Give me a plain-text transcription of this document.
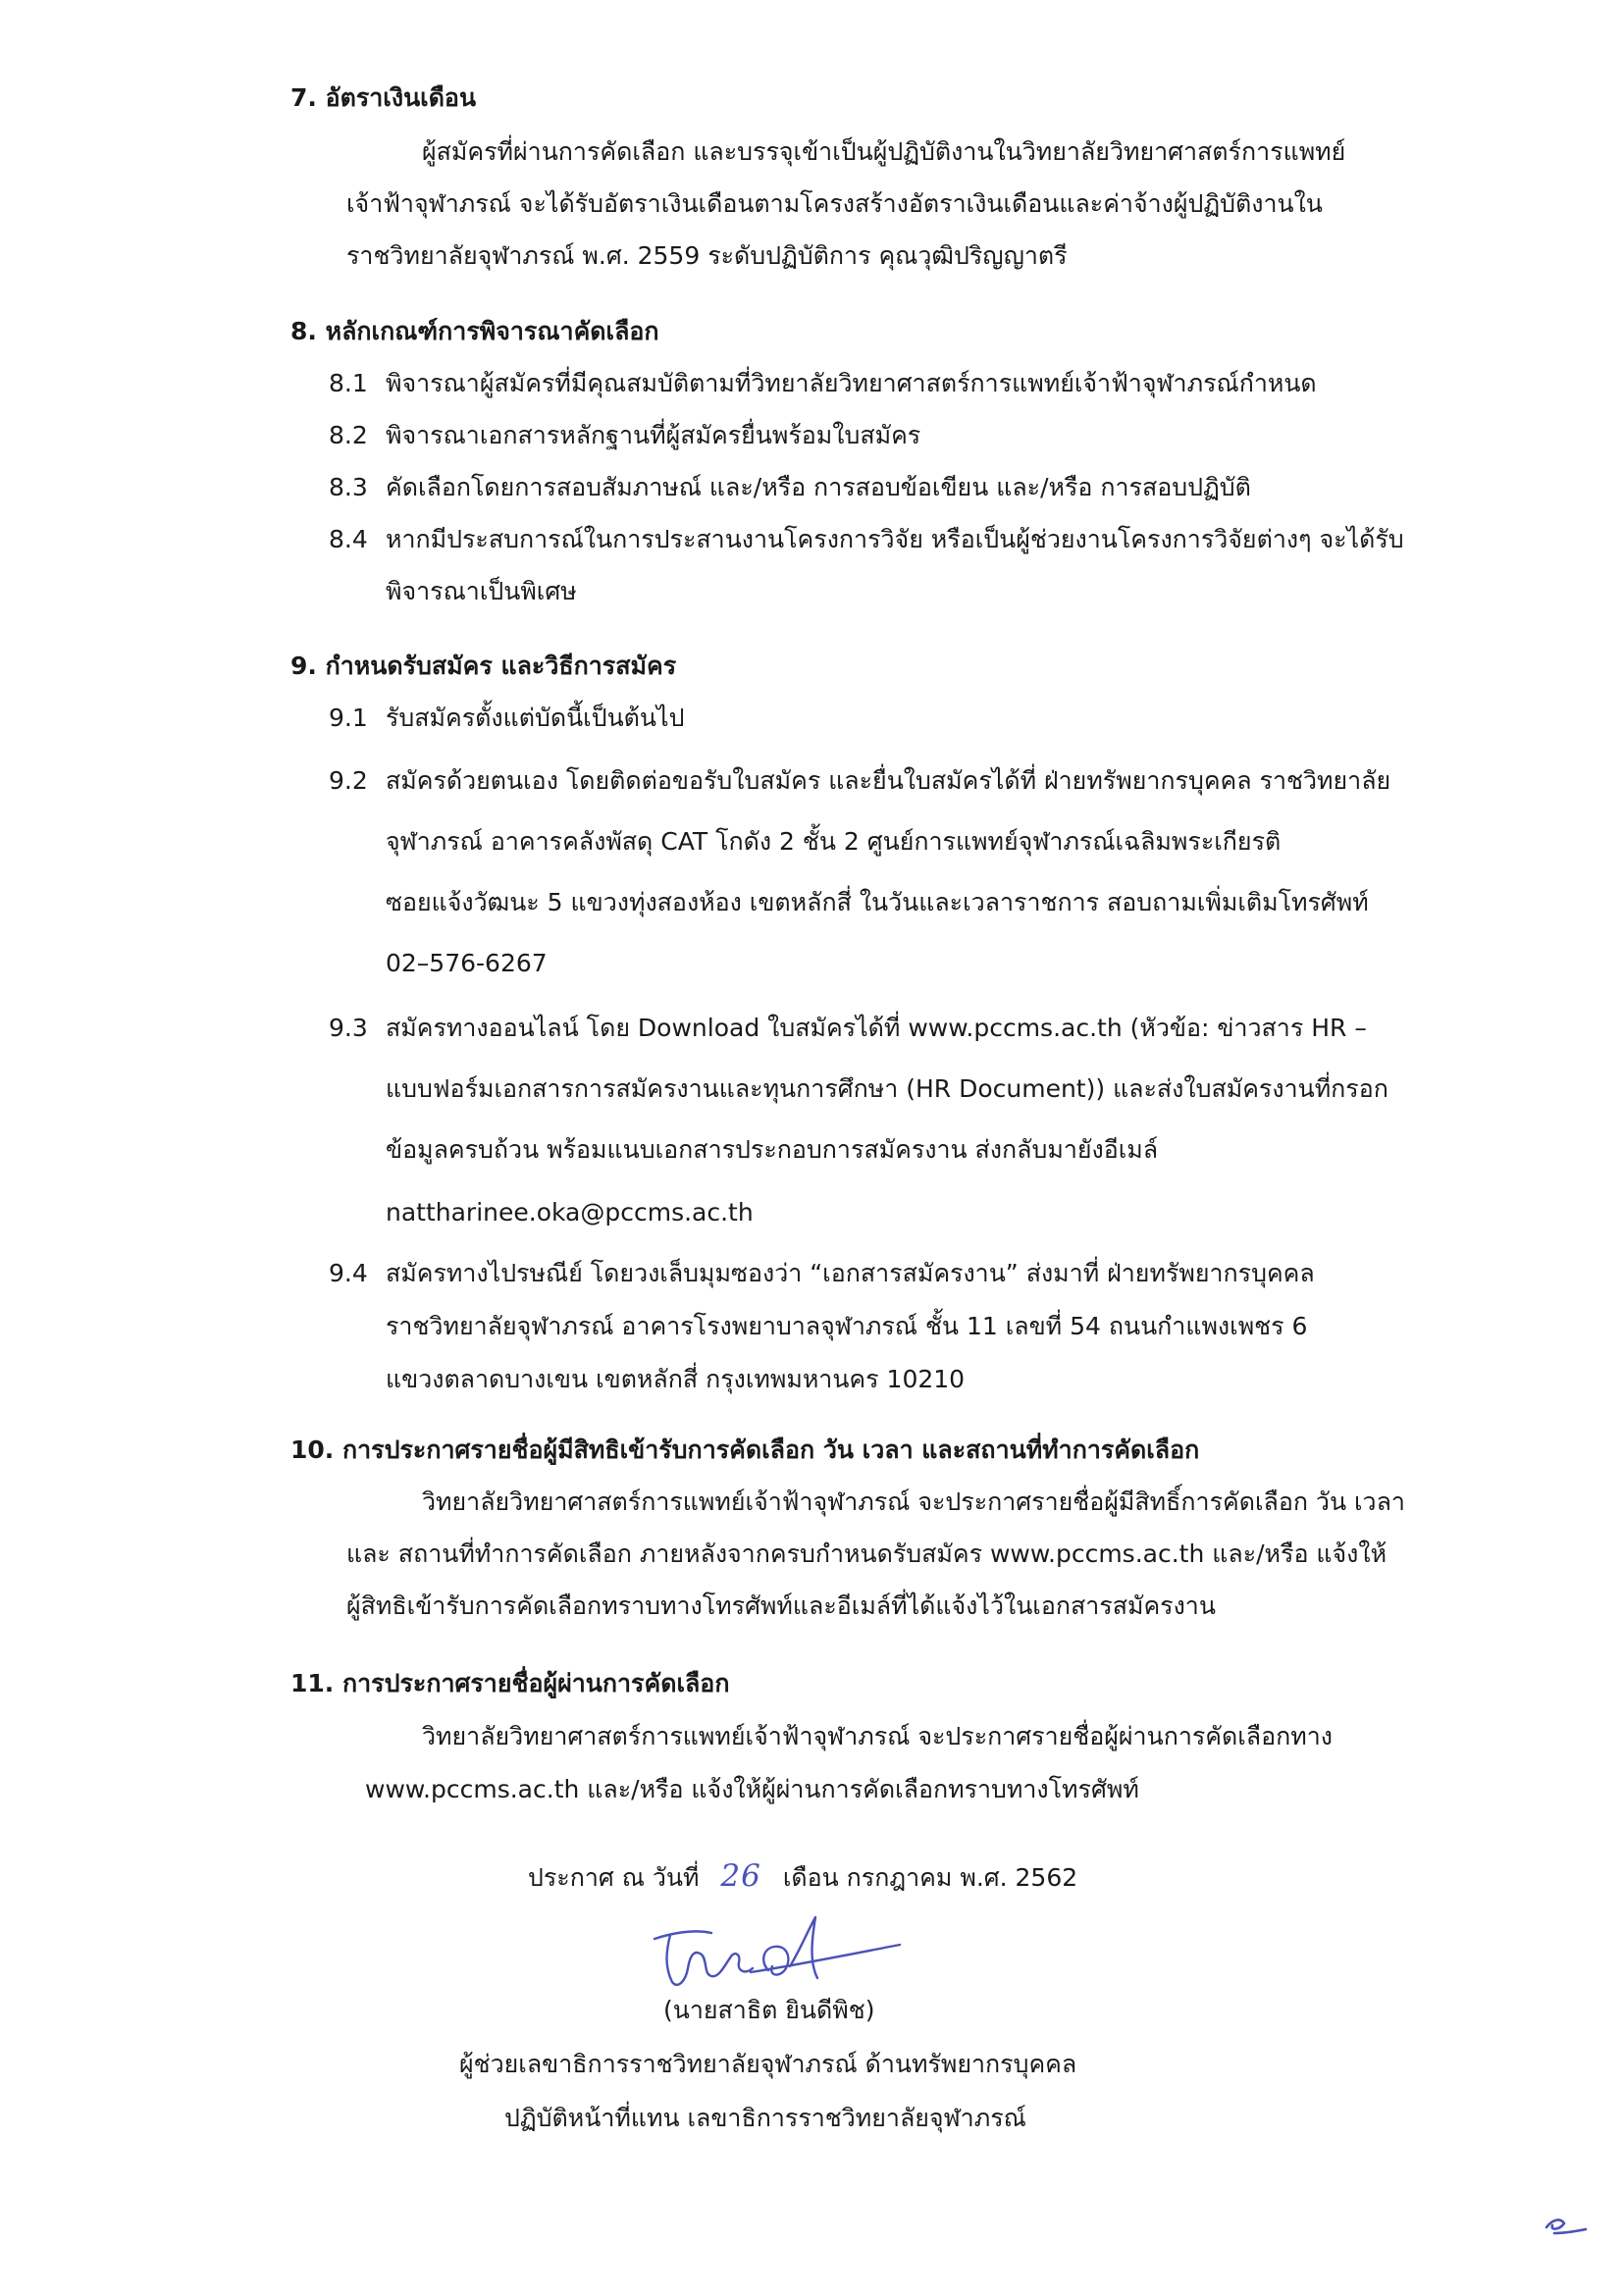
7. อัตราเงินเดือน
ผู้สมัครที่ผ่านการคัดเลือก และบรรจุเข้าเป็นผู้ปฏิบัติงานในวิทยาลัยวิทยาศาสตร์การแพทย์
เจ้าฟ้าจุฬาภรณ์ จะได้รับอัตราเงินเดือนตามโครงสร้างอัตราเงินเดือนและค่าจ้างผู้ปฏิบัติงานใน
ราชวิทยาลัยจุฬาภรณ์ พ.ศ. 2559 ระดับปฏิบัติการ คุณวุฒิปริญญาตรี
8. หลักเกณฑ์การพิจารณาคัดเลือก
8.1 พิจารณาผู้สมัครที่มีคุณสมบัติตามที่วิทยาลัยวิทยาศาสตร์การแพทย์เจ้าฟ้าจุฬาภรณ์กำหนด
8.2 พิจารณาเอกสารหลักฐานที่ผู้สมัครยื่นพร้อมใบสมัคร
8.3 คัดเลือกโดยการสอบสัมภาษณ์ และ/หรือ การสอบข้อเขียน และ/หรือ การสอบปฏิบัติ
8.4 หากมีประสบการณ์ในการประสานงานโครงการวิจัย หรือเป็นผู้ช่วยงานโครงการวิจัยต่างๆ จะได้รับ
พิจารณาเป็นพิเศษ
9. กำหนดรับสมัคร และวิธีการสมัคร
9.1 รับสมัครตั้งแต่บัดนี้เป็นต้นไป
9.2 สมัครด้วยตนเอง โดยติดต่อขอรับใบสมัคร และยื่นใบสมัครได้ที่ ฝ่ายทรัพยากรบุคคล ราชวิทยาลัย
จุฬาภรณ์ อาคารคลังพัสดุ CAT โกดัง 2 ชั้น 2 ศูนย์การแพทย์จุฬาภรณ์เฉลิมพระเกียรติ
ซอยแจ้งวัฒนะ 5 แขวงทุ่งสองห้อง เขตหลักสี่ ในวันและเวลาราชการ สอบถามเพิ่มเติมโทรศัพท์
02–576-6267
9.3 สมัครทางออนไลน์ โดย Download ใบสมัครได้ที่ www.pccms.ac.th (หัวข้อ: ข่าวสาร HR –
แบบฟอร์มเอกสารการสมัครงานและทุนการศึกษา (HR Document)) และส่งใบสมัครงานที่กรอก
ข้อมูลครบถ้วน พร้อมแนบเอกสารประกอบการสมัครงาน ส่งกลับมายังอีเมล์
nattharinee.oka@pccms.ac.th
9.4 สมัครทางไปรษณีย์ โดยวงเล็บมุมซองว่า “เอกสารสมัครงาน” ส่งมาที่ ฝ่ายทรัพยากรบุคคล
ราชวิทยาลัยจุฬาภรณ์ อาคารโรงพยาบาลจุฬาภรณ์ ชั้น 11 เลขที่ 54 ถนนกำแพงเพชร 6
แขวงตลาดบางเขน เขตหลักสี่ กรุงเทพมหานคร 10210
10. การประกาศรายชื่อผู้มีสิทธิเข้ารับการคัดเลือก วัน เวลา และสถานที่ทำการคัดเลือก
วิทยาลัยวิทยาศาสตร์การแพทย์เจ้าฟ้าจุฬาภรณ์ จะประกาศรายชื่อผู้มีสิทธิ์การคัดเลือก วัน เวลา
และ สถานที่ทำการคัดเลือก ภายหลังจากครบกำหนดรับสมัคร www.pccms.ac.th และ/หรือ แจ้งให้
ผู้สิทธิเข้ารับการคัดเลือกทราบทางโทรศัพท์และอีเมล์ที่ได้แจ้งไว้ในเอกสารสมัครงาน
11. การประกาศรายชื่อผู้ผ่านการคัดเลือก
วิทยาลัยวิทยาศาสตร์การแพทย์เจ้าฟ้าจุฬาภรณ์ จะประกาศรายชื่อผู้ผ่านการคัดเลือกทาง
www.pccms.ac.th และ/หรือ แจ้งให้ผู้ผ่านการคัดเลือกทราบทางโทรศัพท์
ประกาศ ณ วันที่ 26 เดือน กรกฎาคม พ.ศ. 2562
(นายสาธิต ยินดีพิช)
ผู้ช่วยเลขาธิการราชวิทยาลัยจุฬาภรณ์ ด้านทรัพยากรบุคคล
ปฏิบัติหน้าที่แทน เลขาธิการราชวิทยาลัยจุฬาภรณ์
